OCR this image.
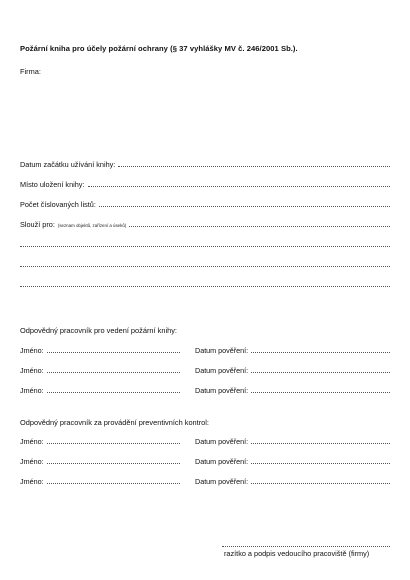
Požární kniha pro účely požární ochrany (§ 37 vyhlášky MV č. 246/2001 Sb.).
Firma:
Datum začátku užívání knihy:
Místo uložení knihy:
Počet číslovaných listů:
Slouží pro: (seznam objektů, zařízení a úseků)
Odpovědný pracovník pro vedení požární knihy:
Jméno:	Datum pověření:
Jméno:	Datum pověření:
Jméno:	Datum pověření:
Odpovědný pracovník za provádění preventivních kontrol:
Jméno:	Datum pověření:
Jméno:	Datum pověření:
Jméno:	Datum pověření:
razítko a podpis vedoucího pracoviště (firmy)
